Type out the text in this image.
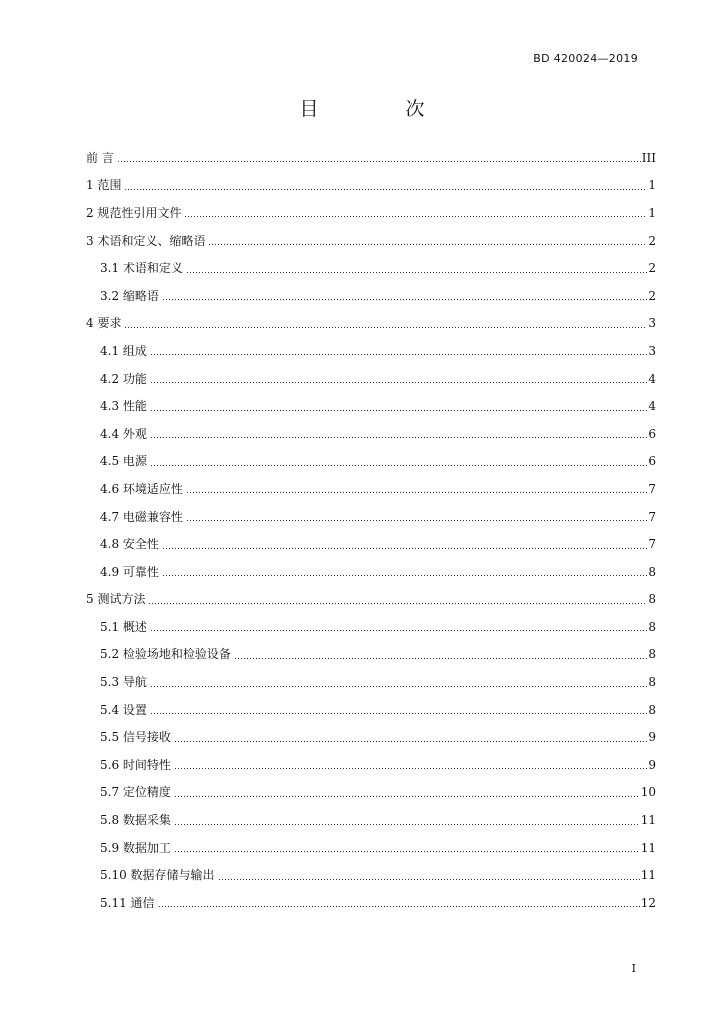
BD 420024—2019
目　次
前 言	III
1 范围	1
2 规范性引用文件	1
3 术语和定义、缩略语	2
3.1 术语和定义	2
3.2 缩略语	2
4 要求	3
4.1 组成	3
4.2 功能	4
4.3 性能	4
4.4 外观	6
4.5 电源	6
4.6 环境适应性	7
4.7 电磁兼容性	7
4.8 安全性	7
4.9 可靠性	8
5 测试方法	8
5.1 概述	8
5.2 检验场地和检验设备	8
5.3 导航	8
5.4 设置	8
5.5 信号接收	9
5.6 时间特性	9
5.7 定位精度	10
5.8 数据采集	11
5.9 数据加工	11
5.10 数据存储与输出	11
5.11 通信	12
I
